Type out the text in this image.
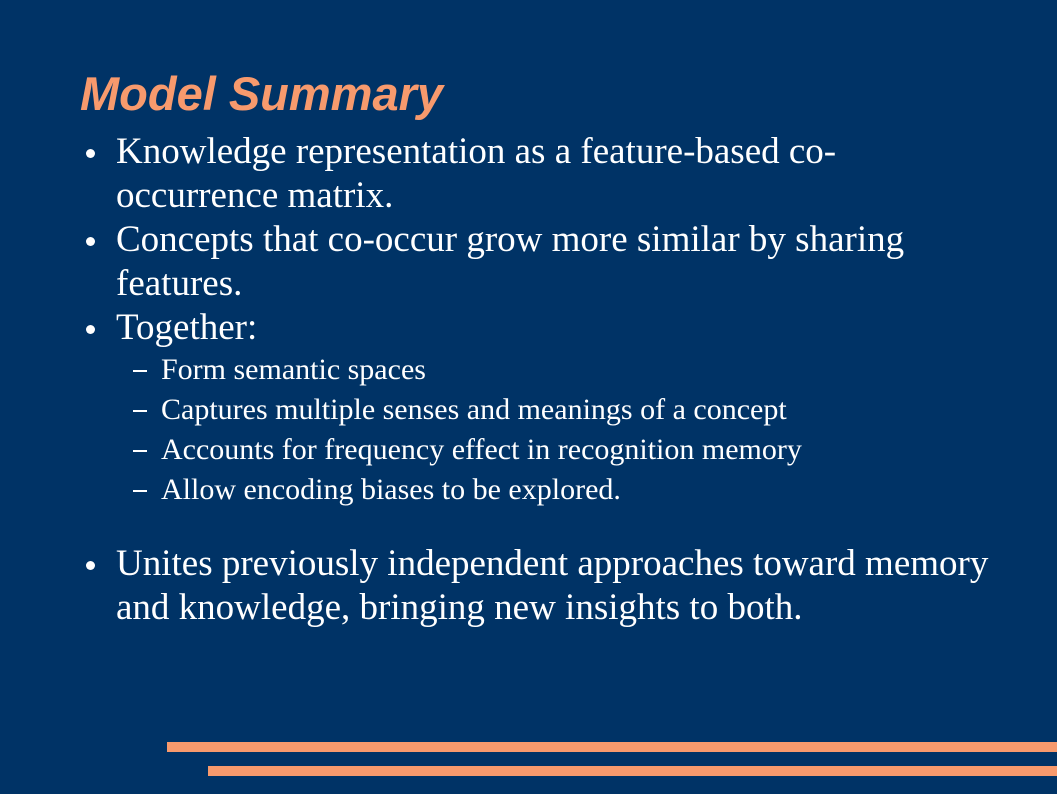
Model Summary
Knowledge representation as a feature-based co-occurrence matrix.
Concepts that co-occur grow more similar by sharing features.
Together:
Form semantic spaces
Captures multiple senses and meanings of a concept
Accounts for frequency effect in recognition memory
Allow encoding biases to be explored.
Unites previously independent approaches toward memory and knowledge, bringing new insights to both.
